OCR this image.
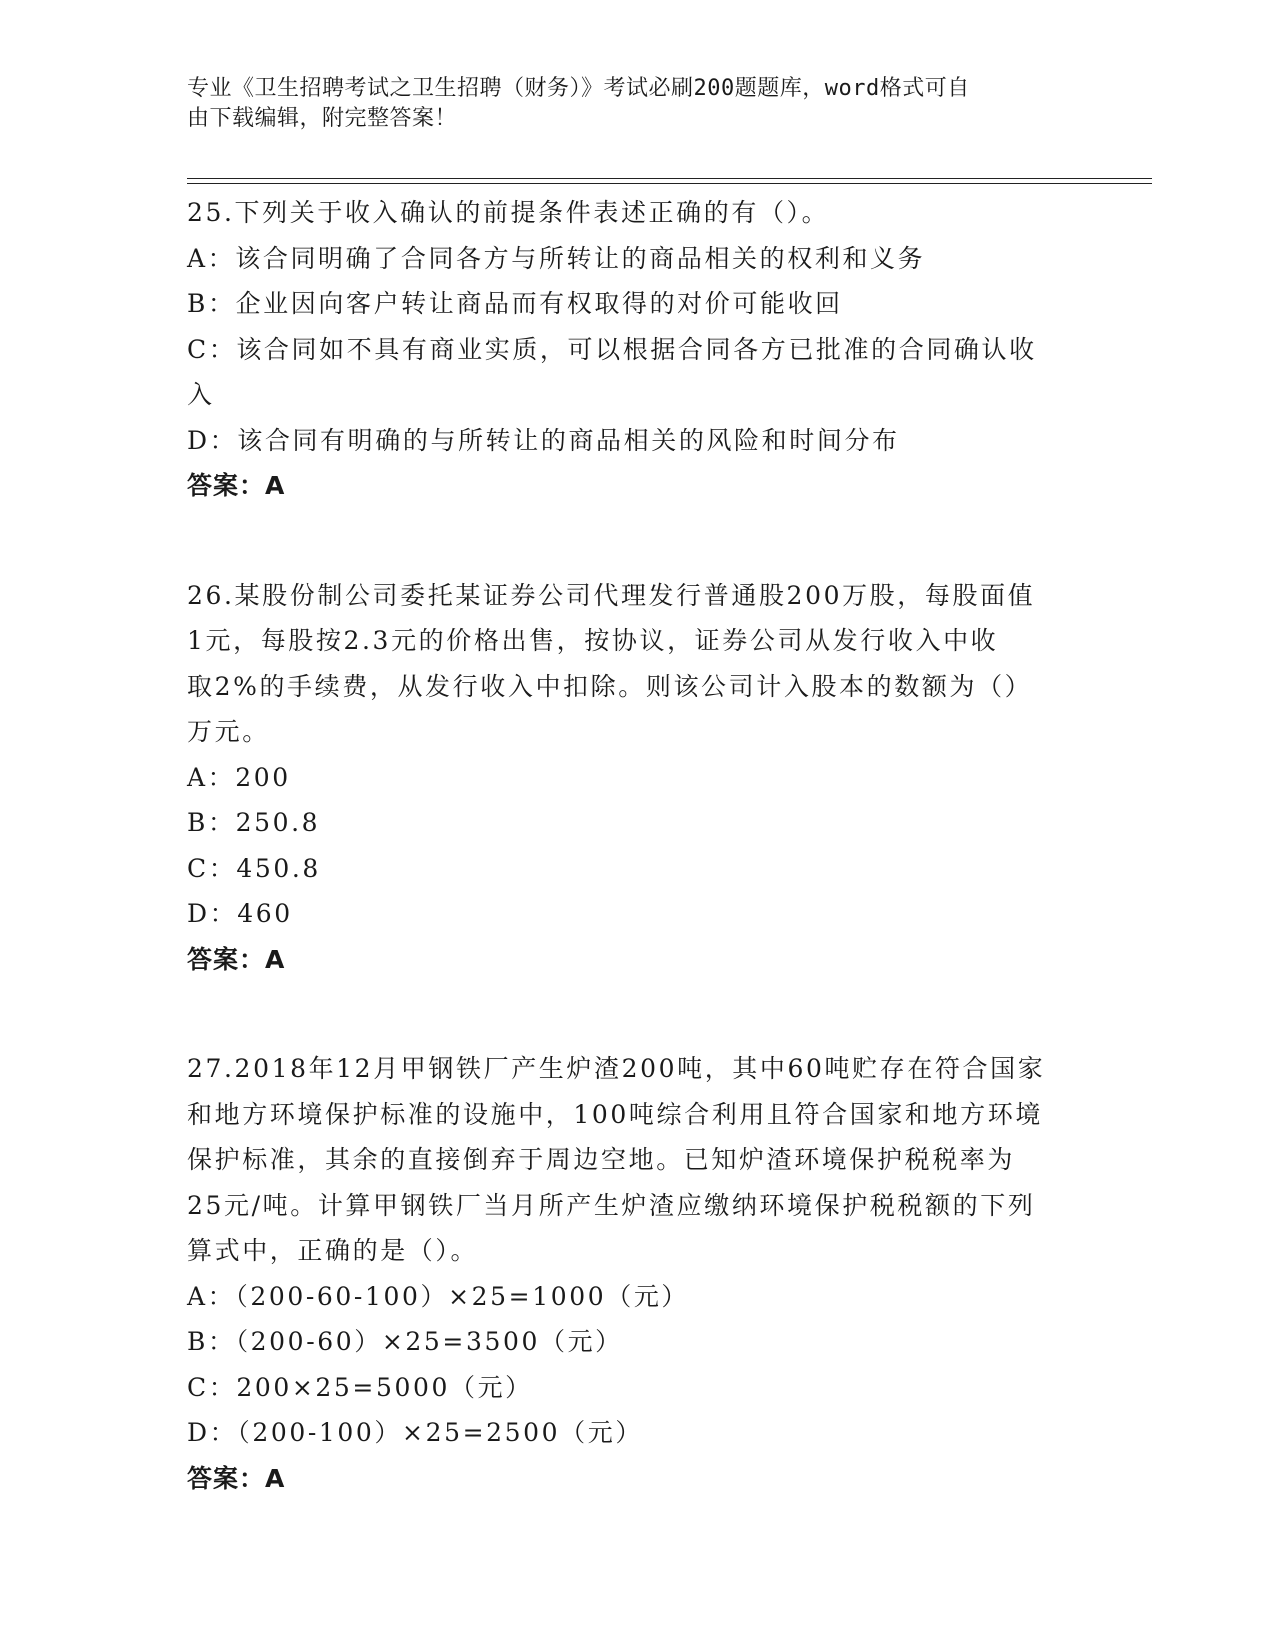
专业《卫生招聘考试之卫生招聘（财务）》考试必刷200题题库，word格式可自
由下载编辑，附完整答案！

25.下列关于收入确认的前提条件表述正确的有（）。

A：该合同明确了合同各方与所转让的商品相关的权利和义务

B：企业因向客户转让商品而有权取得的对价可能收回

C：该合同如不具有商业实质，可以根据合同各方已批准的合同确认收

入

D：该合同有明确的与所转让的商品相关的风险和时间分布

答案：A

26.某股份制公司委托某证券公司代理发行普通股200万股，每股面值

1元，每股按2.3元的价格出售，按协议，证券公司从发行收入中收

取2%的手续费，从发行收入中扣除。则该公司计入股本的数额为（）

万元。

A：200

B：250.8

C：450.8

D：460

答案：A

27.2018年12月甲钢铁厂产生炉渣200吨，其中60吨贮存在符合国家

和地方环境保护标准的设施中，100吨综合利用且符合国家和地方环境

保护标准，其余的直接倒弃于周边空地。已知炉渣环境保护税税率为

25元/吨。计算甲钢铁厂当月所产生炉渣应缴纳环境保护税税额的下列

算式中，正确的是（）。

A：（200-60-100）×25=1000（元）

B：（200-60）×25=3500（元）

C：200×25=5000（元）

D：（200-100）×25=2500（元）

答案：A
